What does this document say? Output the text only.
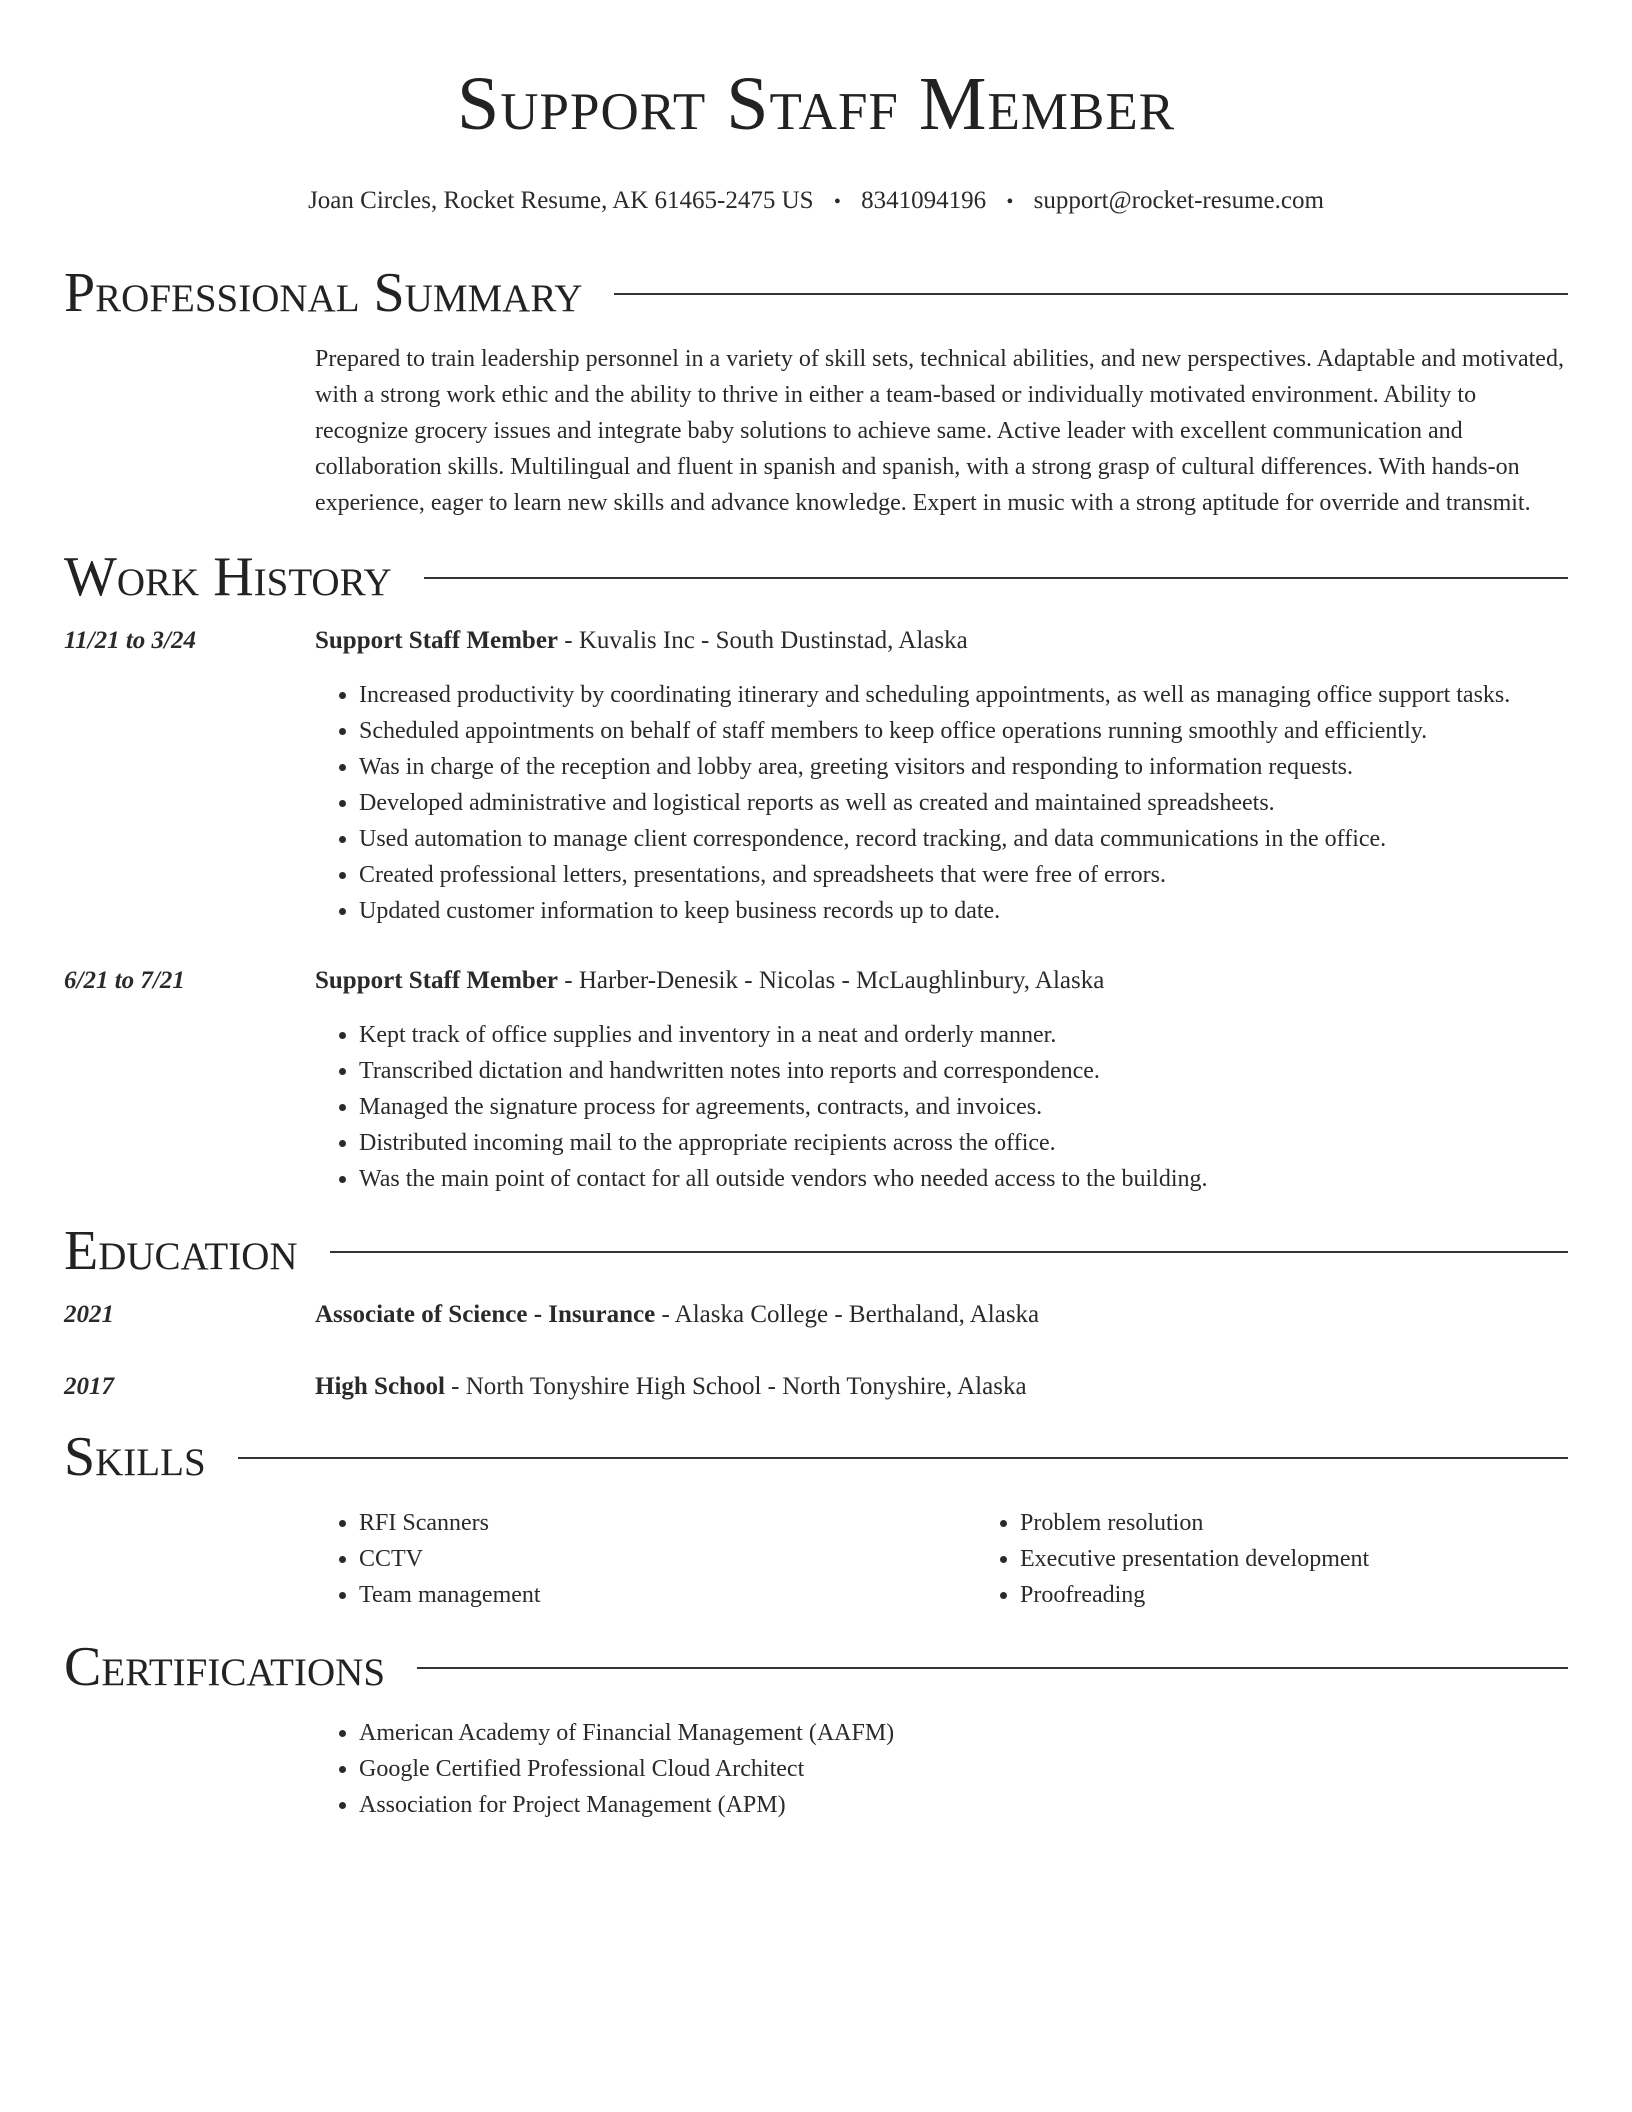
Support Staff Member
Joan Circles, Rocket Resume, AK 61465-2475 US • 8341094196 • support@rocket-resume.com
Professional Summary

Prepared to train leadership personnel in a variety of skill sets, technical abilities, and new perspectives. Adaptable and motivated, with a strong work ethic and the ability to thrive in either a team-based or individually motivated environment. Ability to recognize grocery issues and integrate baby solutions to achieve same. Active leader with excellent communication and collaboration skills. Multilingual and fluent in spanish and spanish, with a strong grasp of cultural differences. With hands-on experience, eager to learn new skills and advance knowledge. Expert in music with a strong aptitude for override and transmit.

Work History
11/21 to 3/24	Support Staff Member - Kuvalis Inc - South Dustinstad, Alaska
• Increased productivity by coordinating itinerary and scheduling appointments, as well as managing office support tasks.
• Scheduled appointments on behalf of staff members to keep office operations running smoothly and efficiently.
• Was in charge of the reception and lobby area, greeting visitors and responding to information requests.
• Developed administrative and logistical reports as well as created and maintained spreadsheets.
• Used automation to manage client correspondence, record tracking, and data communications in the office.
• Created professional letters, presentations, and spreadsheets that were free of errors.
• Updated customer information to keep business records up to date.
6/21 to 7/21	Support Staff Member - Harber-Denesik - Nicolas - McLaughlinbury, Alaska
• Kept track of office supplies and inventory in a neat and orderly manner.
• Transcribed dictation and handwritten notes into reports and correspondence.
• Managed the signature process for agreements, contracts, and invoices.
• Distributed incoming mail to the appropriate recipients across the office.
• Was the main point of contact for all outside vendors who needed access to the building.
Education
2021	Associate of Science - Insurance - Alaska College - Berthaland, Alaska
2017	High School - North Tonyshire High School - North Tonyshire, Alaska
Skills
• RFI Scanners
• CCTV
• Team management
• Problem resolution
• Executive presentation development
• Proofreading
Certifications
• American Academy of Financial Management (AAFM)
• Google Certified Professional Cloud Architect
• Association for Project Management (APM)
